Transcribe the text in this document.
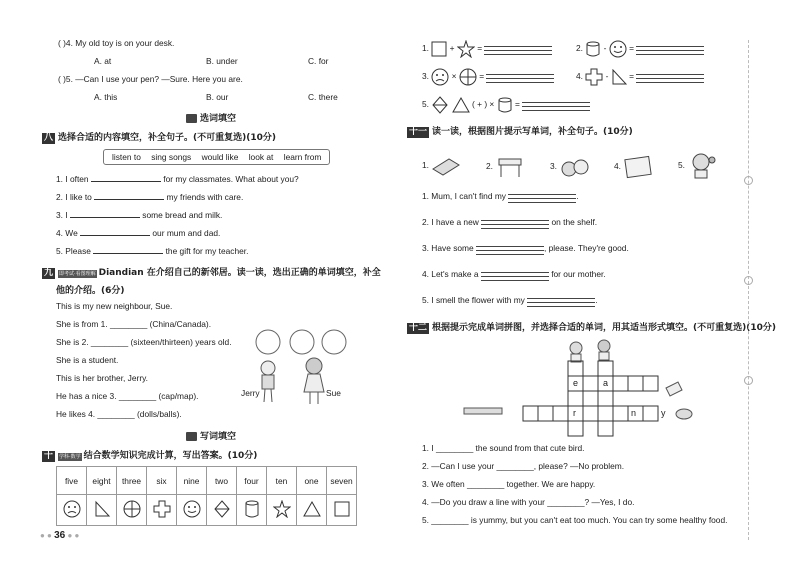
( )4. My old toy is on your desk.
A. at	B. under	C. for
( )5. —Can I use your pen? —Sure. Here you are.
A. this	B. our	C. there
选词填空
八 选择合适的内容填空，补全句子。(不可重复选)(10分)
listen to sing songs would like look at learn from
1. I often	for my classmates. What about you?
2. I like to	my friends with care.
3. I	some bread and milk.
4. We	our mum and dad.
5. Please	the gift for my teacher.
九 即考试·看图理解 Diandian 在介绍自己的新邻居。读一读，选出正确的单词填空，补全
他的介绍。(6分)
This is my new neighbour, Sue.
She is from 1. ________ (China/Canada).
She is 2. ________ (sixteen/thirteen) years old.
She is a student.
This is her brother, Jerry.
He has a nice 3. ________ (cap/map).
He likes 4. ________ (dolls/balls).
Jerry	Sue
写词填空
十 学科·数学 结合数学知识完成计算，写出答案。(10分)
five	eight	three	six	nine	two	four	ten	one	seven

● ● 36 ● ●
1. +	=	2. -	=
3.	×	=	4.	- =
5.	( + ) × =
十一 读一读，根据图片提示写单词，补全句子。(10分)
1.	2.	3.	4.	5.
1. Mum, I can't find my	.
2. I have a new	on the shelf.
3. Have some	, please. They're good.
4. Let's make a	for our mother.
5. I smell the flower with my	.
十二 根据提示完成单词拼图，并选择合适的单词，用其适当形式填空。(不可重复选)(10分)
e	a
r	n	y
1. I ________ the sound from that cute bird.
2. —Can I use your ________, please? —No problem.
3. We often ________ together. We are happy.
4. —Do you draw a line with your ________? —Yes, I do.
5. ________ is yummy, but you can't eat too much. You can try some healthy food.
